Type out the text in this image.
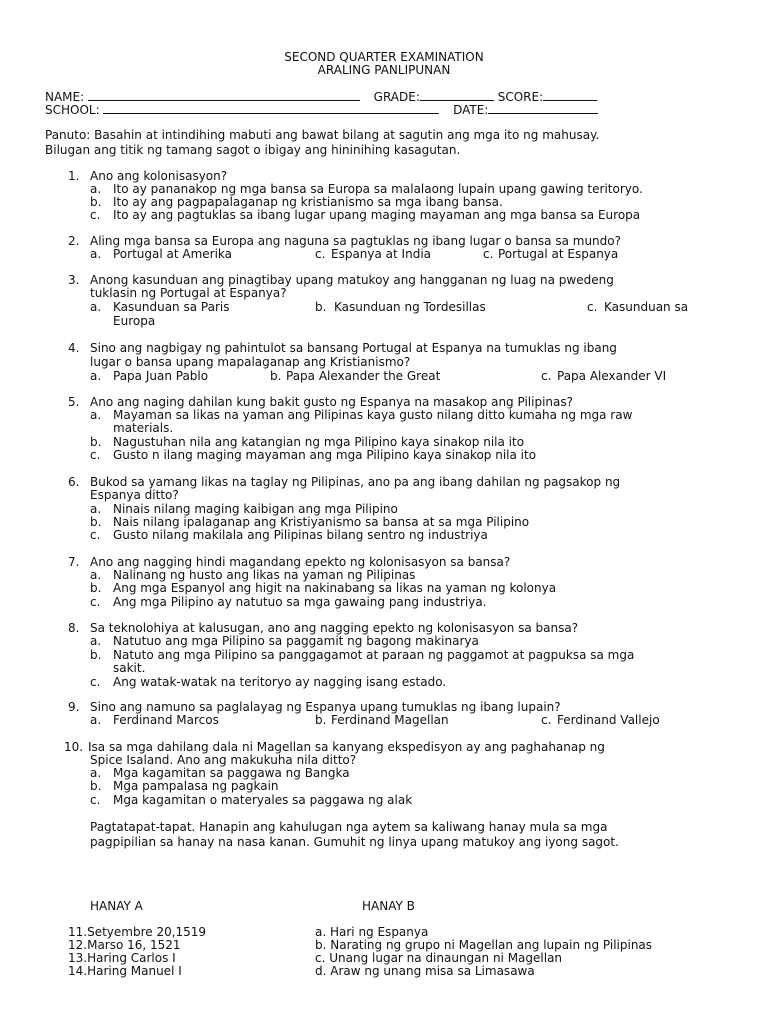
SECOND QUARTER EXAMINATION
ARALING PANLIPUNAN
NAME:	GRADE:	SCORE:
SCHOOL:	DATE:
Panuto: Basahin at intindihing mabuti ang bawat bilang at sagutin ang mga ito ng mahusay.
Bilugan ang titik ng tamang sagot o ibigay ang hininihing kasagutan.
1. Ano ang kolonisasyon?
a. Ito ay pananakop ng mga bansa sa Europa sa malalaong lupain upang gawing teritoryo.
b. Ito ay ang pagpapalaganap ng kristianismo sa mga ibang bansa.
c. Ito ay ang pagtuklas sa ibang lugar upang maging mayaman ang mga bansa sa Europa
2. Aling mga bansa sa Europa ang naguna sa pagtuklas ng ibang lugar o bansa sa mundo?
a. Portugal at Amerika	c. Espanya at India	c. Portugal at Espanya
3. Anong kasunduan ang pinagtibay upang matukoy ang hangganan ng luag na pwedeng
tuklasin ng Portugal at Espanya?
a. Kasunduan sa Paris	b. Kasunduan ng Tordesillas	c. Kasunduan sa
Europa
4. Sino ang nagbigay ng pahintulot sa bansang Portugal at Espanya na tumuklas ng ibang
lugar o bansa upang mapalaganap ang Kristianismo?
a. Papa Juan Pablo	b. Papa Alexander the Great	c. Papa Alexander VI
5. Ano ang naging dahilan kung bakit gusto ng Espanya na masakop ang Pilipinas?
a. Mayaman sa likas na yaman ang Pilipinas kaya gusto nilang ditto kumaha ng mga raw
materials.
b. Nagustuhan nila ang katangian ng mga Pilipino kaya sinakop nila ito
c. Gusto n ilang maging mayaman ang mga Pilipino kaya sinakop nila ito
6. Bukod sa yamang likas na taglay ng Pilipinas, ano pa ang ibang dahilan ng pagsakop ng
Espanya ditto?
a. Ninais nilang maging kaibigan ang mga Pilipino
b. Nais nilang ipalaganap ang Kristiyanismo sa bansa at sa mga Pilipino
c. Gusto nilang makilala ang Pilipinas bilang sentro ng industriya
7. Ano ang nagging hindi magandang epekto ng kolonisasyon sa bansa?
a. Nalinang ng husto ang likas na yaman ng Pilipinas
b. Ang mga Espanyol ang higit na nakinabang sa likas na yaman ng kolonya
c. Ang mga Pilipino ay natutuo sa mga gawaing pang industriya.
8. Sa teknolohiya at kalusugan, ano ang nagging epekto ng kolonisasyon sa bansa?
a. Natutuo ang mga Pilipino sa paggamit ng bagong makinarya
b. Natuto ang mga Pilipino sa panggagamot at paraan ng paggamot at pagpuksa sa mga
sakit.
c. Ang watak-watak na teritoryo ay nagging isang estado.
9. Sino ang namuno sa paglalayag ng Espanya upang tumuklas ng ibang lupain?
a. Ferdinand Marcos	b. Ferdinand Magellan	c. Ferdinand Vallejo
10. Isa sa mga dahilang dala ni Magellan sa kanyang ekspedisyon ay ang paghahanap ng
Spice Isaland. Ano ang makukuha nila ditto?
a. Mga kagamitan sa paggawa ng Bangka
b. Mga pampalasa ng pagkain
c. Mga kagamitan o materyales sa paggawa ng alak
Pagtatapat-tapat. Hanapin ang kahulugan nga aytem sa kaliwang hanay mula sa mga
pagpipilian sa hanay na nasa kanan. Gumuhit ng linya upang matukoy ang iyong sagot.
HANAY A	HANAY B
11.Setyembre 20,1519	a. Hari ng Espanya
12.Marso 16, 1521	b. Narating ng grupo ni Magellan ang lupain ng Pilipinas
13.Haring Carlos I	c. Unang lugar na dinaungan ni Magellan
14.Haring Manuel I	d. Araw ng unang misa sa Limasawa
